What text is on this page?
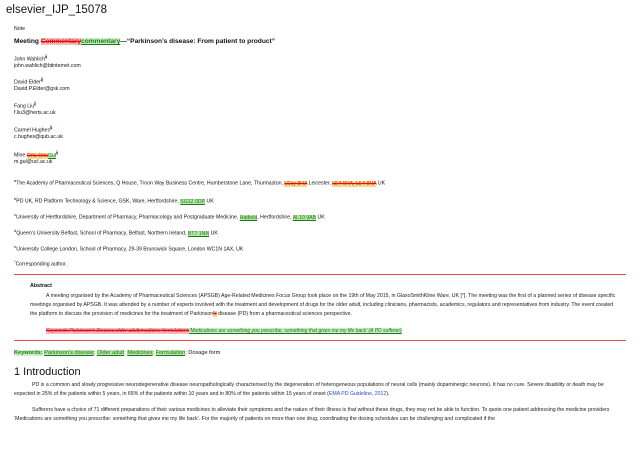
elsevier_IJP_15078
Note
Meeting Commentarycommentary—“Parkinson’s disease: From patient to product”
John Wahlich$^a$
john.wahlich@btinternet.com
David Elder$^b$
David.P.Elder@gsk.com
Fang Liu$^c$
f.liu3@herts.ac.uk
Carmel Hughes$^d$
c.hughes@qub.ac.uk
Mine Orlu-OrluGul$^e$
m.gul@ucl.ac.uk
$^a$The Academy of Pharmaceutical Sciences, Q House, Troon Way Business Centre, Humberstone Lane, Thurmaston, LEcy 3HA Leicester, LE4 9HA, LE4 9HA UK
$^b$PD UK, RD Platform Technology & Science, GSK, Ware, Hertfordshire, SG12 0DP UK
$^c$University of Hertfordshire, Department of Pharmacy, Pharmacology and Postgraduate Medicine, Hatfield, Hertfordshire, AL10 9AB UK
$^d$Queen’s University Belfast, School of Pharmacy, Belfast, Northern Ireland, BT7 1NN UK
$^e$University College London, School of Pharmacy, 29-39 Brunswick Square, London WC1N 1AX, UK
*Corresponding author.
Abstract
A meeting organised by the Academy of Pharmaceutical Sciences (APSGB) Age-Related Medicines Focus Group took place on the 19th of May 2015, in GlaxoSmithKline Ware, UK [*]. The meeting was the first of a planned series of disease specific meetings organised by APSGB. It was attended by a number of experts involved with the treatment and development of drugs for the older adult, including clinicians, pharmacists, academics, regulators and representatives from industry. The event created the platform to discuss the provision of medicines for the treatment of Parkinson's disease (PD) from a pharmaceutical sciences perspective.
Keywords:Parkinson's Disease;older adult;medicine formulations‘Medications are something you prescribe, something that gives me my life back’ (A PD sufferer)
Keywords: Parkinson's disease; Older adult; Medicines; Formulation; Dosage form
1 Introduction
PD is a common and slowly progressive neurodegenerative disease neuropathologically characterised by the degeneration of heterogeneous populations of neural cells (mainly dopaminergic neurons). It has no cure. Severe disability or death may be expected in 25% of the patients within 5 years, in 65% of the patients within 10 years and in 80% of the patients within 15 years of onset (EMA PD Guideline, 2012).
Sufferers have a choice of 71 different preparations of their various medicines to alleviate their symptoms and the nature of their illness is that without these drugs, they may not be able to function. To quote one patient addressing the medicine providers ‘Medications are something you prescribe: something that gives me my life back’. For the majority of patients on more than one drug, coordinating the dosing schedules can be challenging and complicated if the
